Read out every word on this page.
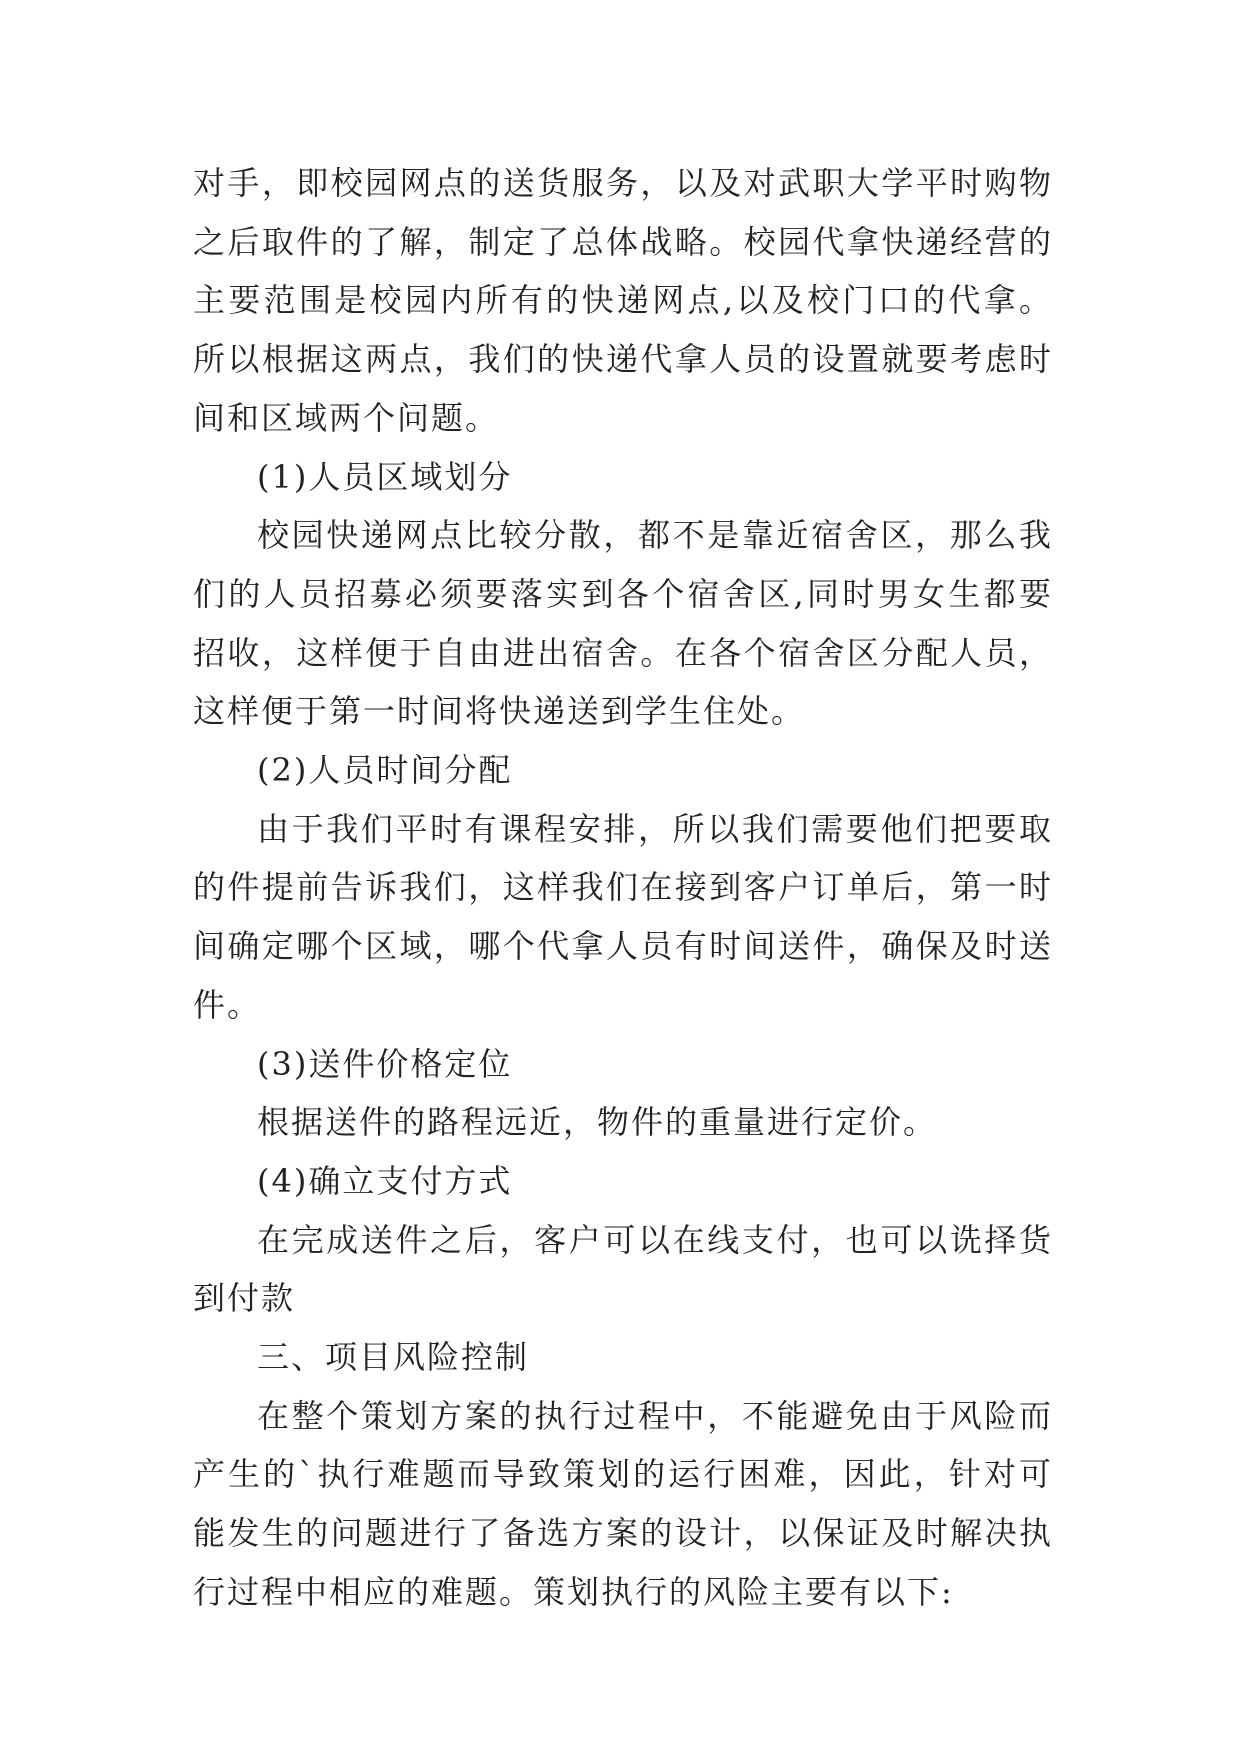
对手，即校园网点的送货服务，以及对武职大学平时购物之后取件的了解，制定了总体战略。校园代拿快递经营的主要范围是校园内所有的快递网点,以及校门口的代拿。所以根据这两点，我们的快递代拿人员的设置就要考虑时间和区域两个问题。

(1)人员区域划分

校园快递网点比较分散，都不是靠近宿舍区，那么我们的人员招募必须要落实到各个宿舍区,同时男女生都要招收，这样便于自由进出宿舍。在各个宿舍区分配人员，这样便于第一时间将快递送到学生住处。

(2)人员时间分配

由于我们平时有课程安排，所以我们需要他们把要取的件提前告诉我们，这样我们在接到客户订单后，第一时间确定哪个区域，哪个代拿人员有时间送件，确保及时送件。

(3)送件价格定位

根据送件的路程远近，物件的重量进行定价。

(4)确立支付方式

在完成送件之后，客户可以在线支付，也可以诜择货到付款

三、项目风险控制

在整个策划方案的执行过程中，不能避免由于风险而产生的`执行难题而导致策划的运行困难，因此，针对可能发生的问题进行了备选方案的设计，以保证及时解决执行过程中相应的难题。策划执行的风险主要有以下:
